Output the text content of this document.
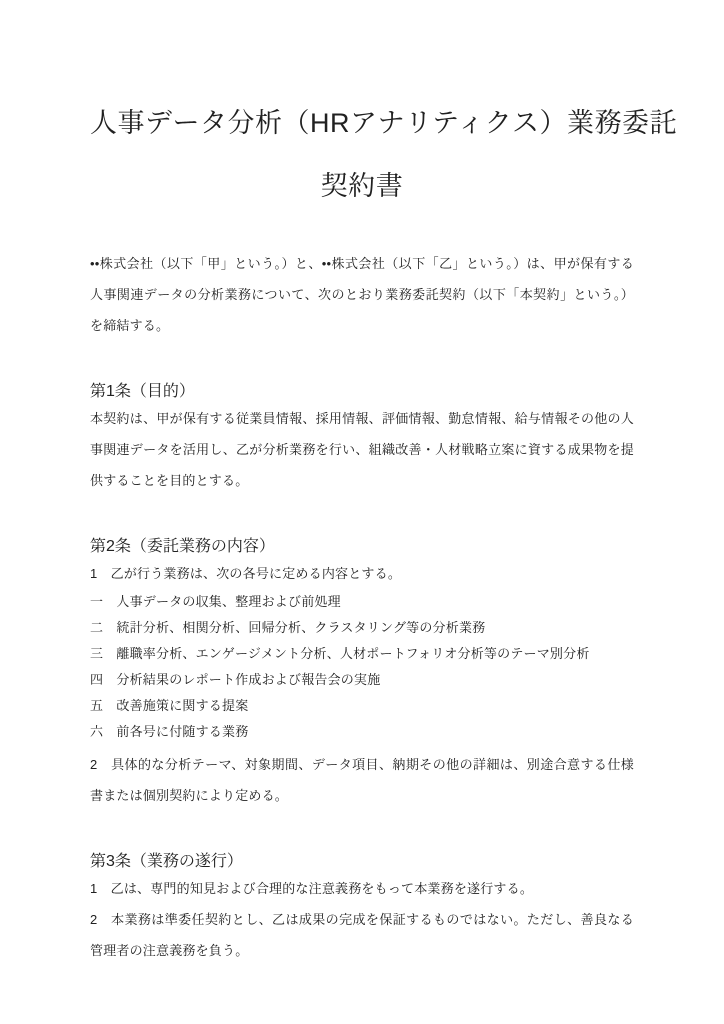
人事データ分析（HRアナリティクス）業務委託
契約書

••株式会社（以下「甲」という。）と、••株式会社（以下「乙」という。）は、甲が保有する人事関連データの分析業務について、次のとおり業務委託契約（以下「本契約」という。）を締結する。

第1条（目的）

本契約は、甲が保有する従業員情報、採用情報、評価情報、勤怠情報、給与情報その他の人事関連データを活用し、乙が分析業務を行い、組織改善・人材戦略立案に資する成果物を提供することを目的とする。

第2条（委託業務の内容）

1　乙が行う業務は、次の各号に定める内容とする。

一　人事データの収集、整理および前処理
二　統計分析、相関分析、回帰分析、クラスタリング等の分析業務
三　離職率分析、エンゲージメント分析、人材ポートフォリオ分析等のテーマ別分析
四　分析結果のレポート作成および報告会の実施
五　改善施策に関する提案
六　前各号に付随する業務

2　具体的な分析テーマ、対象期間、データ項目、納期その他の詳細は、別途合意する仕様書または個別契約により定める。

第3条（業務の遂行）

1　乙は、専門的知見および合理的な注意義務をもって本業務を遂行する。

2　本業務は準委任契約とし、乙は成果の完成を保証するものではない。ただし、善良なる管理者の注意義務を負う。
